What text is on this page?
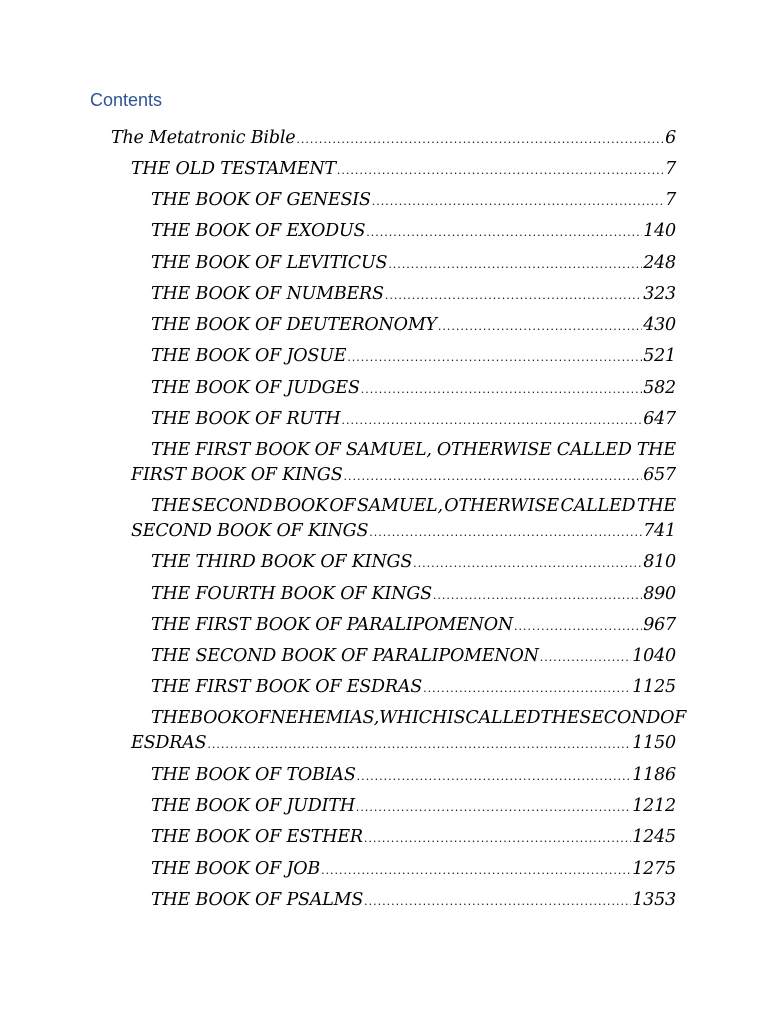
Contents
The Metatronic Bible .....	6
THE OLD TESTAMENT .....	7
THE BOOK OF GENESIS .....	7
THE BOOK OF EXODUS .....	140
THE BOOK OF LEVITICUS .....	248
THE BOOK OF NUMBERS .....	323
THE BOOK OF DEUTERONOMY .....	430
THE BOOK OF JOSUE .....	521
THE BOOK OF JUDGES .....	582
THE BOOK OF RUTH .....	647
THE FIRST BOOK OF SAMUEL, OTHERWISE CALLED THE
FIRST BOOK OF KINGS .....	657
THE SECOND BOOK OF SAMUEL, OTHERWISE CALLED THE
SECOND BOOK OF KINGS .....	741
THE THIRD BOOK OF KINGS .....	810
THE FOURTH BOOK OF KINGS .....	890
THE FIRST BOOK OF PARALIPOMENON .....	967
THE SECOND BOOK OF PARALIPOMENON .....	1040
THE FIRST BOOK OF ESDRAS .....	1125
THE BOOK OF NEHEMIAS, WHICH IS CALLED THE SECOND OF
ESDRAS .....	1150
THE BOOK OF TOBIAS .....	1186
THE BOOK OF JUDITH .....	1212
THE BOOK OF ESTHER .....	1245
THE BOOK OF JOB .....	1275
THE BOOK OF PSALMS .....	1353
